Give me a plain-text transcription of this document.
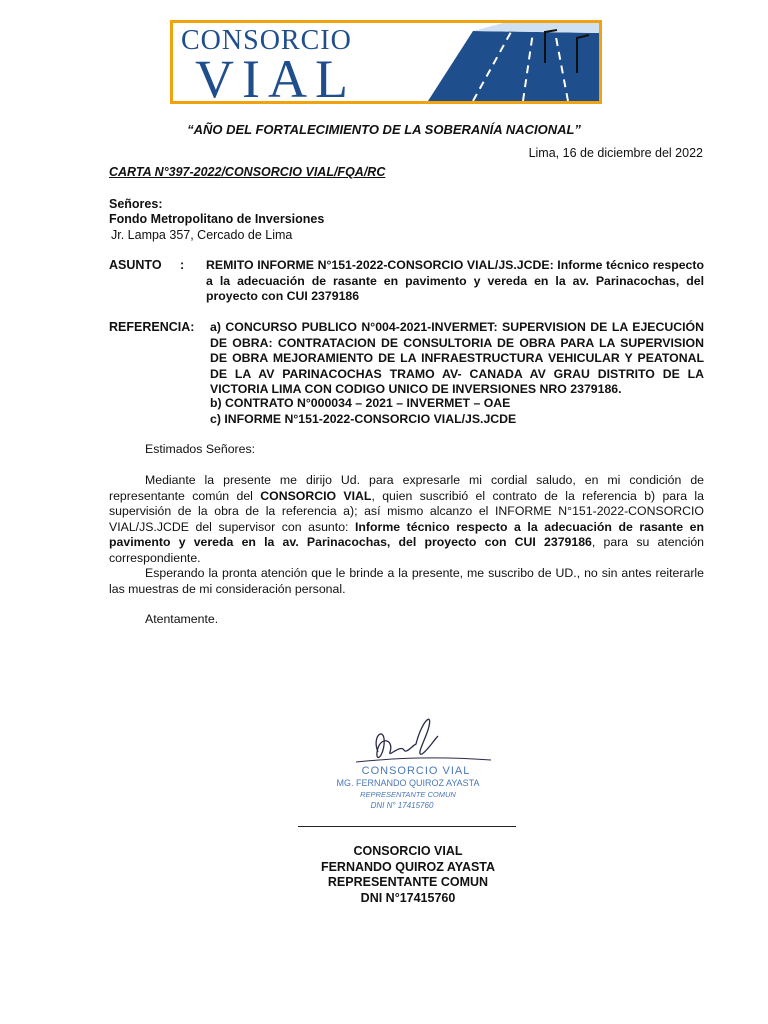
CONSORCIO
VIAL
“AÑO DEL FORTALECIMIENTO DE LA SOBERANÍA NACIONAL”
Lima, 16 de diciembre del 2022
CARTA N°397-2022/CONSORCIO VIAL/FQA/RC
Señores:
Fondo Metropolitano de Inversiones
Jr. Lampa 357, Cercado de Lima
ASUNTO : REMITO INFORME N°151-2022-CONSORCIO VIAL/JS.JCDE: Informe técnico respecto a la adecuación de rasante en pavimento y vereda en la av. Parinacochas, del proyecto con CUI 2379186
REFERENCIA: a) CONCURSO PUBLICO N°004-2021-INVERMET: SUPERVISION DE LA EJECUCIÓN DE OBRA: CONTRATACION DE CONSULTORIA DE OBRA PARA LA SUPERVISION DE OBRA MEJORAMIENTO DE LA INFRAESTRUCTURA VEHICULAR Y PEATONAL DE LA AV PARINACOCHAS TRAMO AV- CANADA AV GRAU DISTRITO DE LA VICTORIA LIMA CON CODIGO UNICO DE INVERSIONES NRO 2379186.
b) CONTRATO N°000034 – 2021 – INVERMET – OAE
c) INFORME N°151-2022-CONSORCIO VIAL/JS.JCDE
Estimados Señores:
Mediante la presente me dirijo Ud. para expresarle mi cordial saludo, en mi condición de representante común del CONSORCIO VIAL, quien suscribió el contrato de la referencia b) para la supervisión de la obra de la referencia a); así mismo alcanzo el INFORME N°151-2022-CONSORCIO VIAL/JS.JCDE del supervisor con asunto: Informe técnico respecto a la adecuación de rasante en pavimento y vereda en la av. Parinacochas, del proyecto con CUI 2379186, para su atención correspondiente.
Esperando la pronta atención que le brinde a la presente, me suscribo de UD., no sin antes reiterarle las muestras de mi consideración personal.
Atentamente.
CONSORCIO VIAL
MG. FERNANDO QUIROZ AYASTA
REPRESENTANTE COMUN
DNI N° 17415760
CONSORCIO VIAL
FERNANDO QUIROZ AYASTA
REPRESENTANTE COMUN
DNI N°17415760
